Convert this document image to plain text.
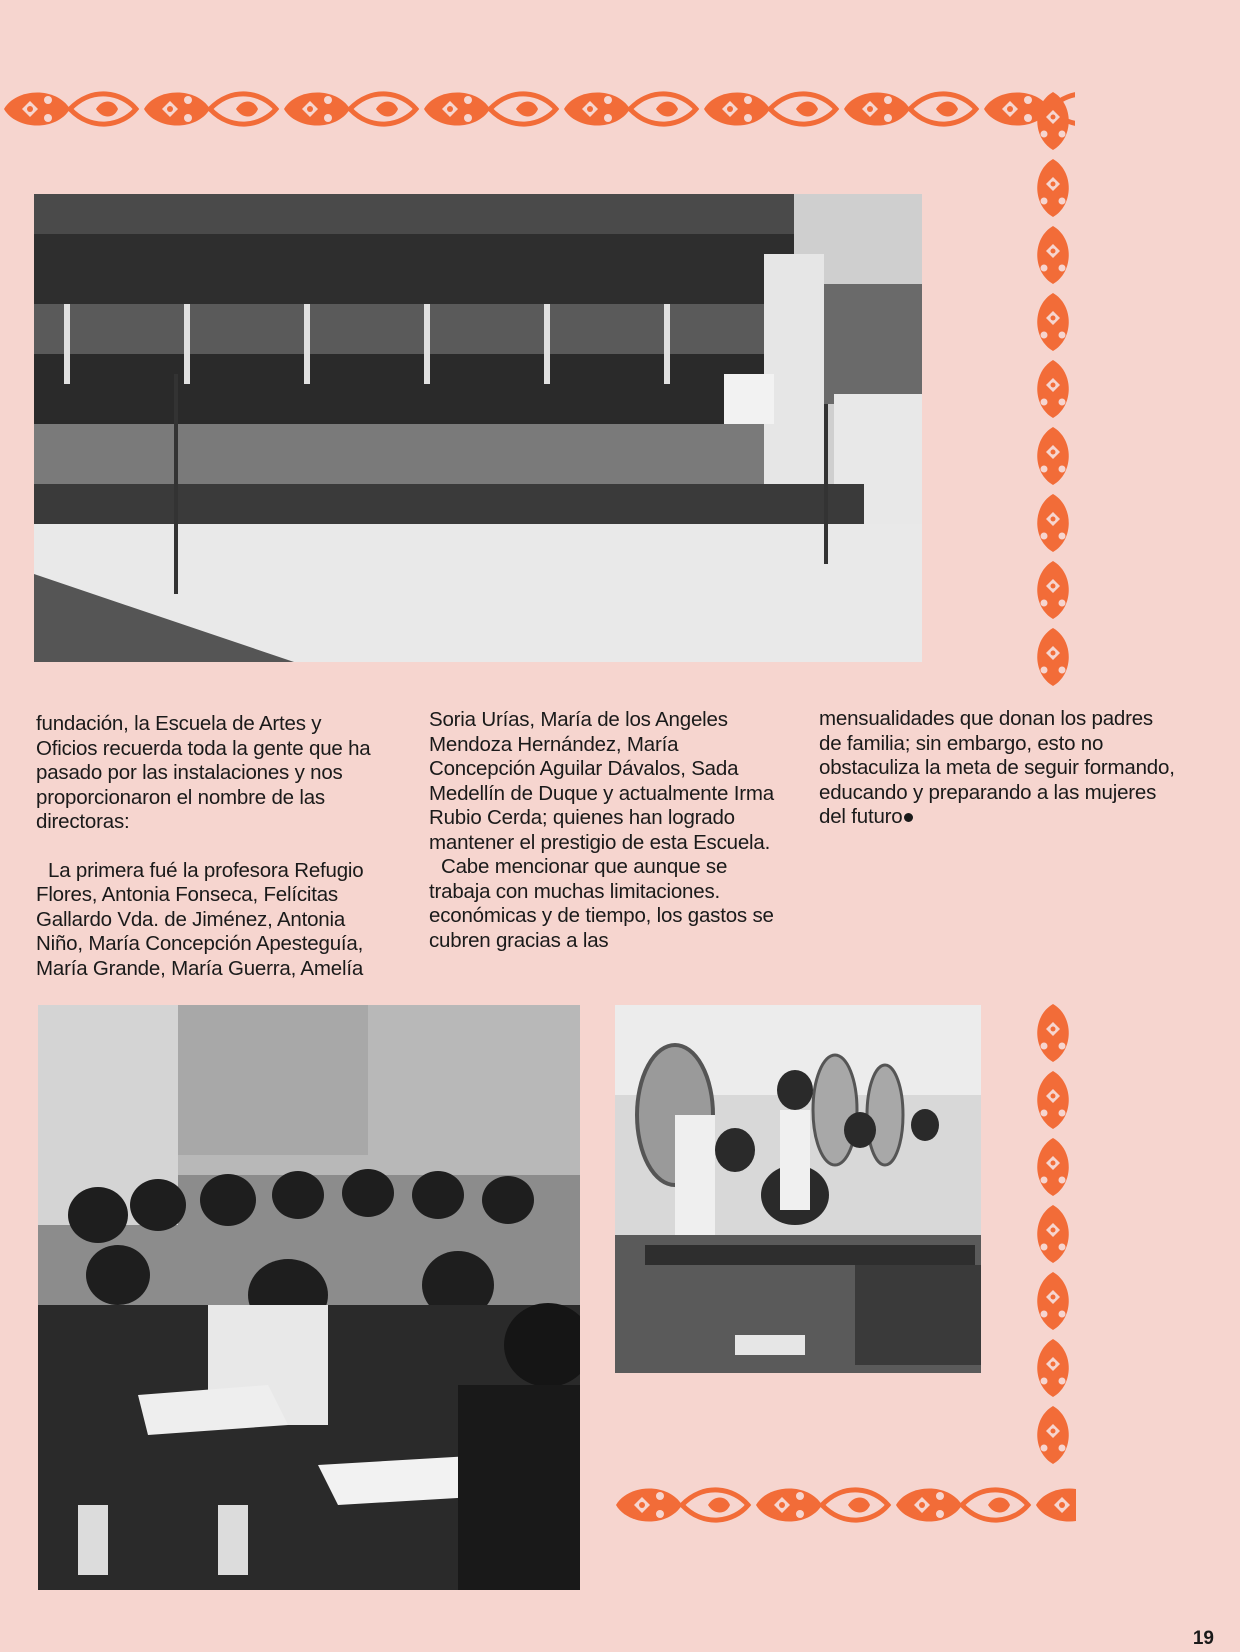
fundación, la Escuela de Artes y Oficios recuerda toda la gente que ha pasado por las instalaciones y nos proporcionaron el nombre de las directoras:

La primera fué la profesora Refugio Flores, Antonia Fonseca, Felícitas Gallardo Vda. de Jiménez, Antonia Niño, María Concepción Apesteguía, María Grande, María Guerra, Amelía

Soria Urías, María de los Angeles Mendoza Hernández, María Concepción Aguilar Dávalos, Sada Medellín de Duque y actualmente Irma Rubio Cerda; quienes han logrado mantener el prestigio de esta Escuela.

Cabe mencionar que aunque se trabaja con muchas limitaciones. económicas y de tiempo, los gastos se cubren gracias a las

mensualidades que donan los padres de familia; sin embargo, esto no obstaculiza la meta de seguir formando, educando y preparando a las mujeres del futuro

19
